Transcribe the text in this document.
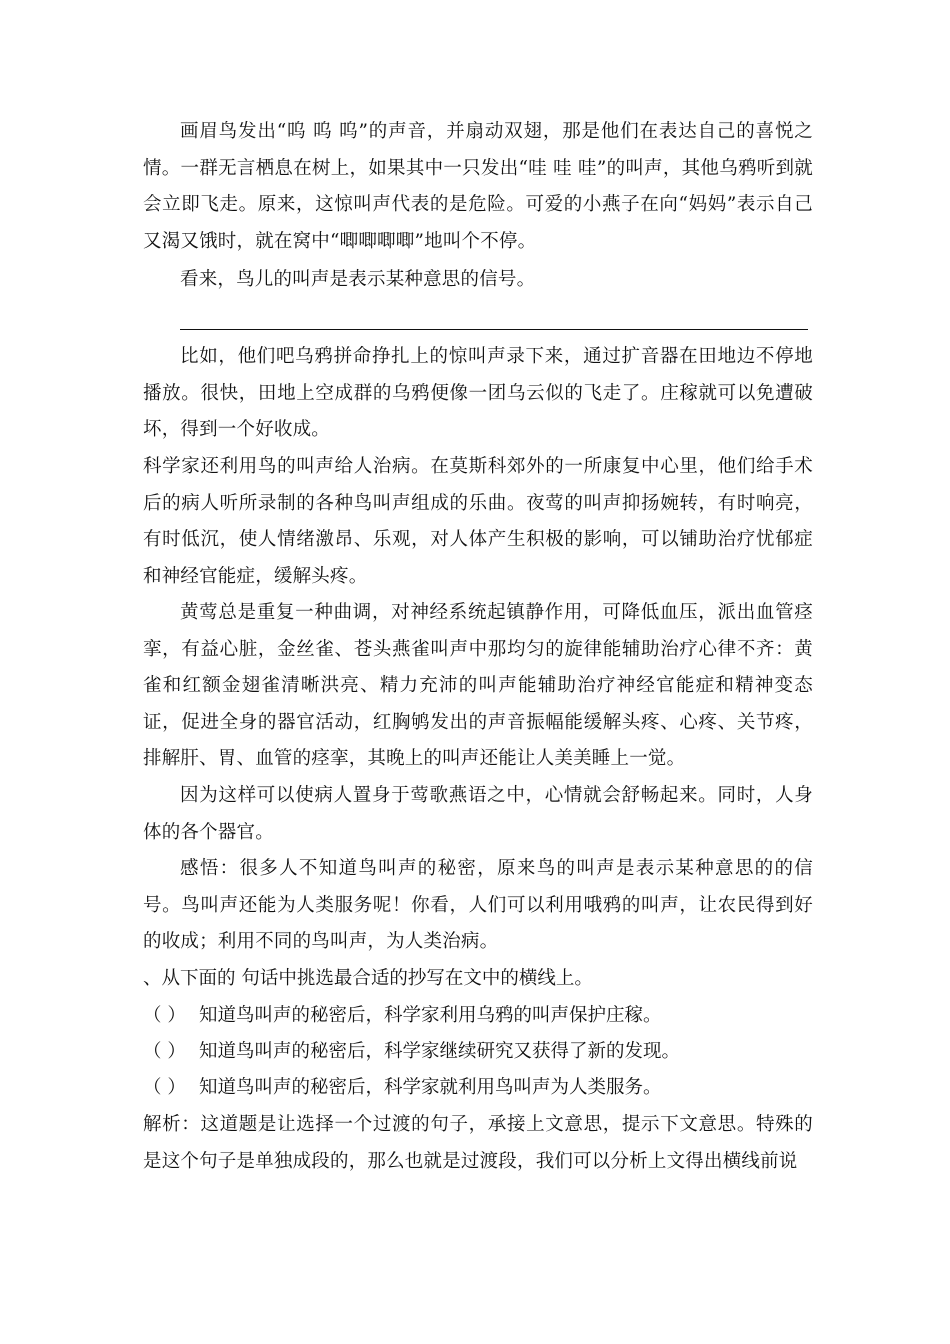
画眉鸟发出“呜 呜 呜”的声音，并扇动双翅，那是他们在表达自己的喜悦之情。一群无言栖息在树上，如果其中一只发出“哇 哇 哇”的叫声，其他乌鸦听到就会立即飞走。原来，这惊叫声代表的是危险。可爱的小燕子在向“妈妈”表示自己又渴又饿时，就在窝中“唧唧唧唧”地叫个不停。

看来，鸟儿的叫声是表示某种意思的信号。

比如，他们吧乌鸦拼命挣扎上的惊叫声录下来，通过扩音器在田地边不停地播放。很快，田地上空成群的乌鸦便像一团乌云似的飞走了。庄稼就可以免遭破坏，得到一个好收成。

科学家还利用鸟的叫声给人治病。在莫斯科郊外的一所康复中心里，他们给手术后的病人听所录制的各种鸟叫声组成的乐曲。夜莺的叫声抑扬婉转，有时响亮，有时低沉，使人情绪激昂、乐观，对人体产生积极的影响，可以铺助治疗忧郁症和神经官能症，缓解头疼。

黄莺总是重复一种曲调，对神经系统起镇静作用，可降低血压，派出血管痉挛，有益心脏，金丝雀、苍头燕雀叫声中那均匀的旋律能辅助治疗心律不齐：黄雀和红额金翅雀清晰洪亮、精力充沛的叫声能辅助治疗神经官能症和精神变态证，促进全身的器官活动，红胸鸲发出的声音振幅能缓解头疼、心疼、关节疼，排解肝、胃、血管的痉挛，其晚上的叫声还能让人美美睡上一觉。

因为这样可以使病人置身于莺歌燕语之中，心情就会舒畅起来。同时，人身体的各个器官。

感悟：很多人不知道鸟叫声的秘密，原来鸟的叫声是表示某种意思的的信号。鸟叫声还能为人类服务呢！你看，人们可以利用哦鸦的叫声，让农民得到好的收成；利用不同的鸟叫声，为人类治病。

、从下面的 句话中挑选最合适的抄写在文中的横线上。
（ ） 知道鸟叫声的秘密后，科学家利用乌鸦的叫声保护庄稼。
（ ） 知道鸟叫声的秘密后，科学家继续研究又获得了新的发现。
（ ） 知道鸟叫声的秘密后，科学家就利用鸟叫声为人类服务。

解析：这道题是让选择一个过渡的句子，承接上文意思，提示下文意思。特殊的是这个句子是单独成段的，那么也就是过渡段，我们可以分析上文得出横线前说
